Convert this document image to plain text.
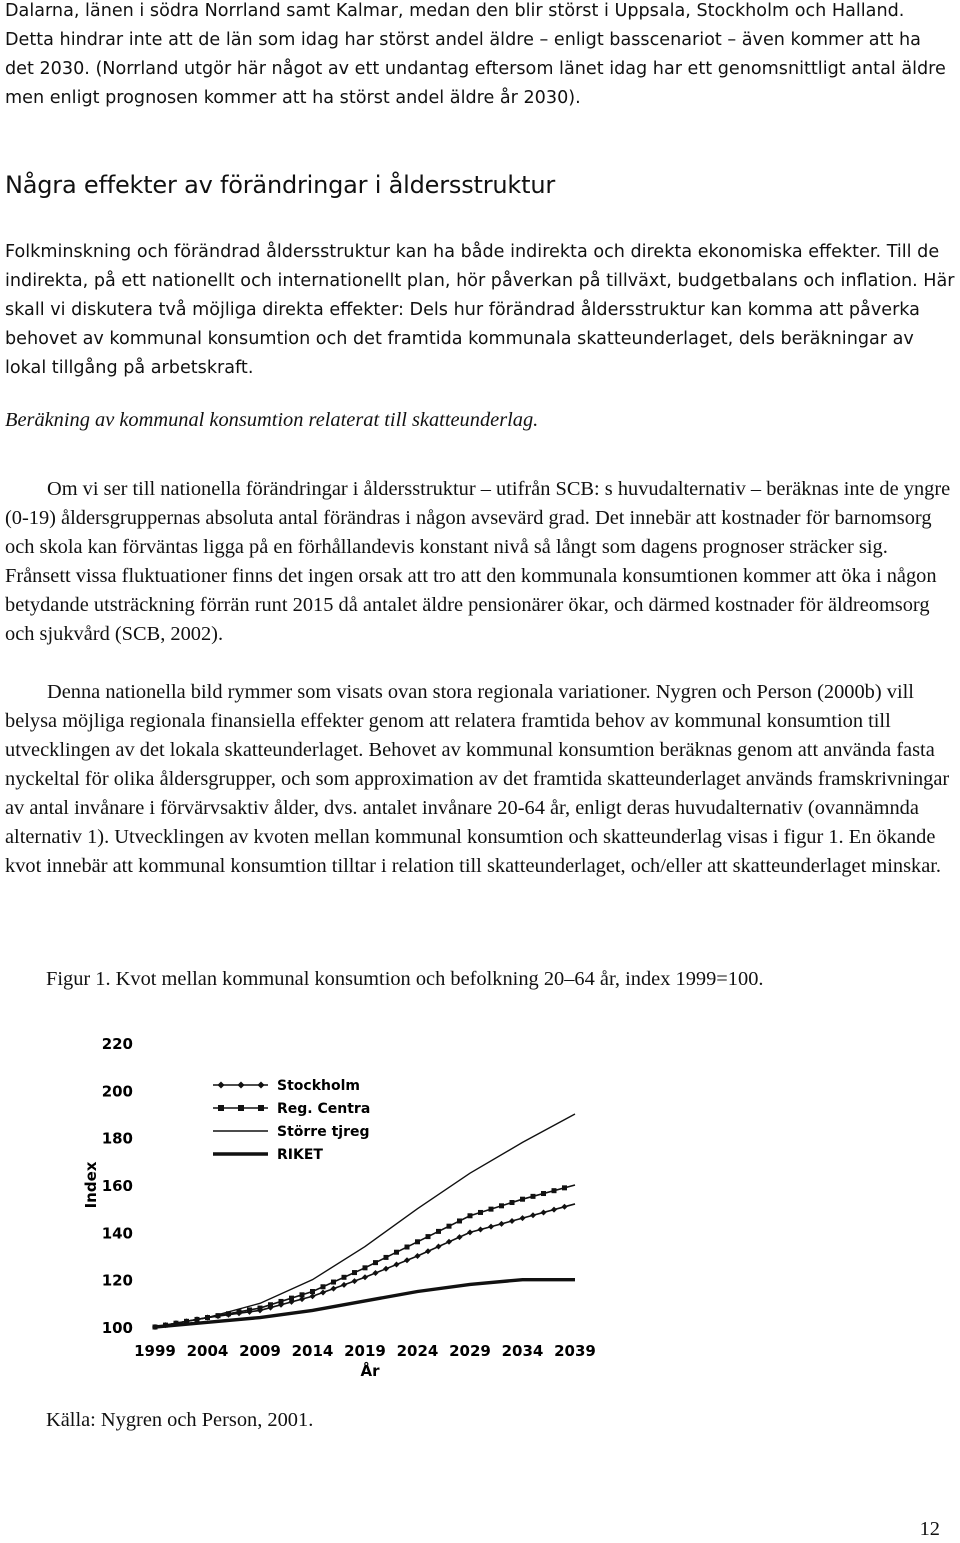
Dalarna, länen i södra Norrland samt Kalmar, medan den blir störst i Uppsala, Stockholm och Halland. Detta hindrar inte att de län som idag har störst andel äldre – enligt basscenariot – även kommer att ha det 2030. (Norrland utgör här något av ett undantag eftersom länet idag har ett genomsnittligt antal äldre men enligt prognosen kommer att ha störst andel äldre år 2030).

Några effekter av förändringar i åldersstruktur

Folkminskning och förändrad åldersstruktur kan ha både indirekta och direkta ekonomiska effekter. Till de indirekta, på ett nationellt och internationellt plan, hör påverkan på tillväxt, budgetbalans och inflation. Här skall vi diskutera två möjliga direkta effekter: Dels hur förändrad åldersstruktur kan komma att påverka behovet av kommunal konsumtion och det framtida kommunala skatteunderlaget, dels beräkningar av lokal tillgång på arbetskraft.

Beräkning av kommunal konsumtion relaterat till skatteunderlag.

Om vi ser till nationella förändringar i åldersstruktur – utifrån SCB: s huvudalternativ – beräknas inte de yngre (0-19) åldersgruppernas absoluta antal förändras i någon avsevärd grad. Det innebär att kostnader för barnomsorg och skola kan förväntas ligga på en förhållandevis konstant nivå så långt som dagens prognoser sträcker sig. Frånsett vissa fluktuationer finns det ingen orsak att tro att den kommunala konsumtionen kommer att öka i någon betydande utsträckning förrän runt 2015 då antalet äldre pensionärer ökar, och därmed kostnader för äldreomsorg och sjukvård (SCB, 2002).

Denna nationella bild rymmer som visats ovan stora regionala variationer. Nygren och Person (2000b) vill belysa möjliga regionala finansiella effekter genom att relatera framtida behov av kommunal konsumtion till utvecklingen av det lokala skatteunderlaget. Behovet av kommunal konsumtion beräknas genom att använda fasta nyckeltal för olika åldersgrupper, och som approximation av det framtida skatteunderlaget används framskrivningar av antal invånare i förvärvsaktiv ålder, dvs. antalet invånare 20-64 år, enligt deras huvudalternativ (ovannämnda alternativ 1). Utvecklingen av kvoten mellan kommunal konsumtion och skatteunderlag visas i figur 1. En ökande kvot innebär att kommunal konsumtion tilltar i relation till skatteunderlaget, och/eller att skatteunderlaget minskar.

Figur 1. Kvot mellan kommunal konsumtion och befolkning 20–64 år, index 1999=100.

100
120
140
160
180
200
220
1999 2004 2009 2014 2019 2024 2029 2034 2039
År
Index
Stockholm
Reg. Centra
Större tjreg
RIKET

Källa: Nygren och Person, 2001.

12
